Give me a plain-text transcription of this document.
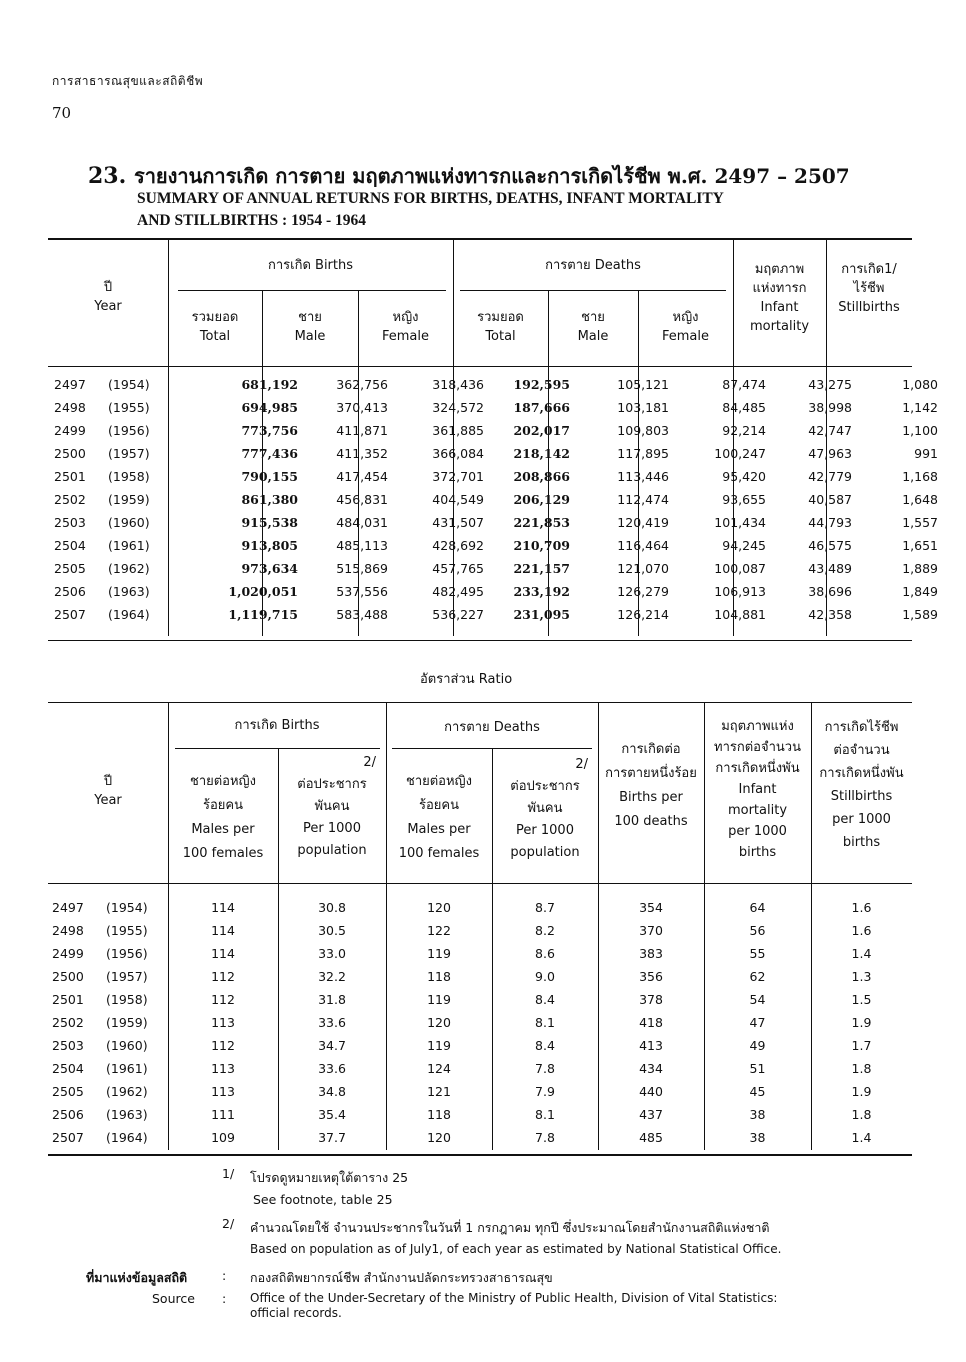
การสาธารณสุขและสถิติชีพ
70
23. รายงานการเกิด การตาย มฤตภาพแห่งทารกและการเกิดไร้ชีพ พ.ศ. 2497 – 2507
SUMMARY OF ANNUAL RETURNS FOR BIRTHS, DEATHS, INFANT MORTALITY
AND STILLBIRTHS : 1954 - 1964
ปี
Year
การเกิด Births	การตาย Deaths	มฤตภาพ
แห่งทารก
Infant
mortality
การเกิด1/
ไร้ชีพ
Stillbirths
รวมยอด
Total
ชาย
Male
หญิง
Female
รวมยอด
Total
ชาย
Male
หญิง
Female
2497 (1954)	681,192	362,756	318,436	192,595	105,121	87,474	43,275	1,080
2498 (1955)	694,985	370,413	324,572	187,666	103,181	84,485	38,998	1,142
2499 (1956)	773,756	411,871	361,885	202,017	109,803	92,214	42,747	1,100
2500 (1957)	777,436	411,352	366,084	218,142	117,895	100,247	47,963	991
2501 (1958)	790,155	417,454	372,701	208,866	113,446	95,420	42,779	1,168
2502 (1959)	861,380	456,831	404,549	206,129	112,474	93,655	40,587	1,648
2503 (1960)	915,538	484,031	431,507	221,853	120,419	101,434	44,793	1,557
2504 (1961)	913,805	485,113	428,692	210,709	116,464	94,245	46,575	1,651
2505 (1962)	973,634	515,869	457,765	221,157	121,070	100,087	43,489	1,889
2506 (1963)	1,020,051	537,556	482,495	233,192	126,279	106,913	38,696	1,849
2507 (1964)	1,119,715	583,488	536,227	231,095	126,214	104,881	42,358	1,589
อัตราส่วน Ratio
ปี
Year
การเกิด Births	การตาย Deaths
ชายต่อหญิง
ร้อยคน
Males per
100 females
2/
ต่อประชากร
พันคน
Per 1000
population
ชายต่อหญิง
ร้อยคน
Males per
100 females
2/
ต่อประชากร
พันคน
Per 1000
population
การเกิดต่อ
การตายหนึ่งร้อย
Births per
100 deaths
มฤตภาพแห่ง
ทารกต่อจำนวน
การเกิดหนึ่งพัน
Infant
mortality
per 1000
births
การเกิดไร้ชีพ
ต่อจำนวน
การเกิดหนึ่งพัน
Stillbirths
per 1000
births
2497 (1954)	114	30.8	120	8.7	354	64	1.6
2498 (1955)	114	30.5	122	8.2	370	56	1.6
2499 (1956)	114	33.0	119	8.6	383	55	1.4
2500 (1957)	112	32.2	118	9.0	356	62	1.3
2501 (1958)	112	31.8	119	8.4	378	54	1.5
2502 (1959)	113	33.6	120	8.1	418	47	1.9
2503 (1960)	112	34.7	119	8.4	413	49	1.7
2504 (1961)	113	33.6	124	7.8	434	51	1.8
2505 (1962)	113	34.8	121	7.9	440	45	1.9
2506 (1963)	111	35.4	118	8.1	437	38	1.8
2507 (1964)	109	37.7	120	7.8	485	38	1.4
1/ โปรดดูหมายเหตุใต้ตาราง 25
See footnote, table 25
2/ คำนวณโดยใช้ จำนวนประชากรในวันที่ 1 กรกฎาคม ทุกปี ซึ่งประมาณโดยสำนักงานสถิติแห่งชาติ
Based on population as of July1, of each year as estimated by National Statistical Office.
ที่มาแห่งข้อมูลสถิติ	: กองสถิติพยากรณ์ชีพ สำนักงานปลัดกระทรวงสาธารณสุข
Source : Office of the Under-Secretary of the Ministry of Public Health, Division of Vital Statistics:
official records.
